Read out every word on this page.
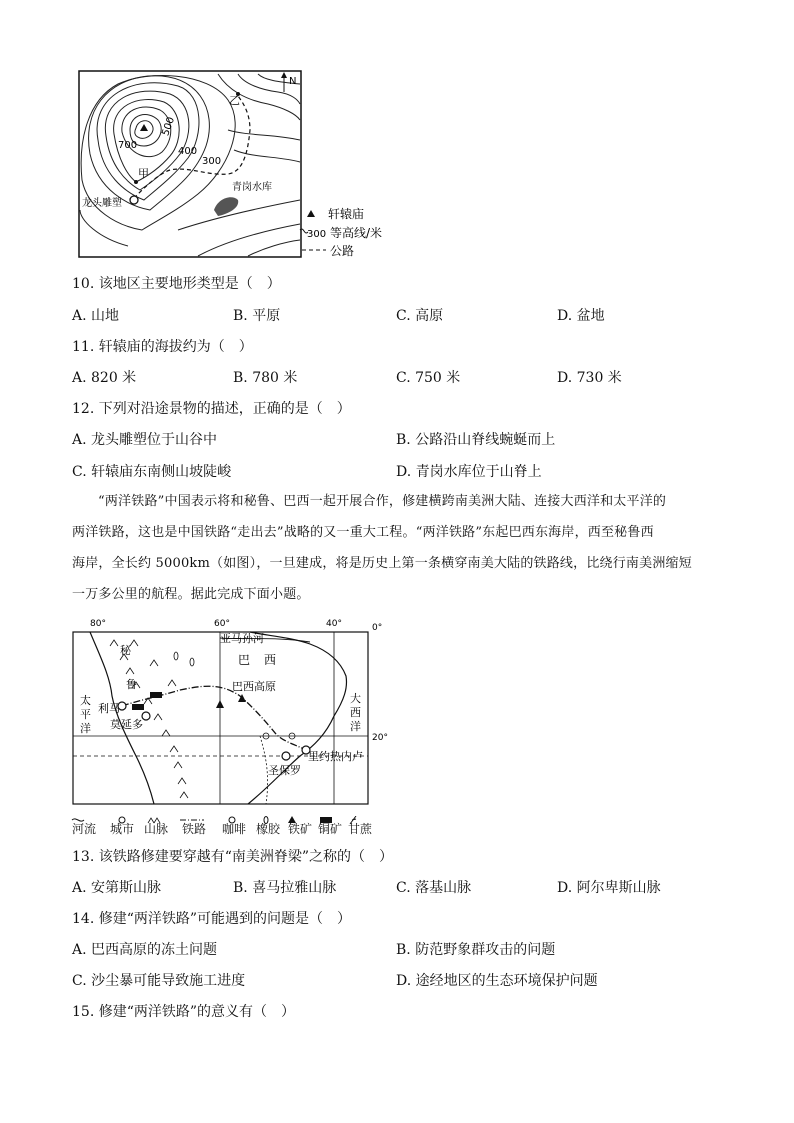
N
乙
甲
700
500
400
300
龙头雕塑
青岗水库
轩辕庙
300 等高线/米
公路
10. 该地区主要地形类型是（　）
A. 山地	B. 平原	C. 高原	D. 盆地
11. 轩辕庙的海拔约为（　）
A. 820 米	B. 780 米	C. 750 米	D. 730 米
12. 下列对沿途景物的描述，正确的是（　）
A. 龙头雕塑位于山谷中	B. 公路沿山脊线蜿蜒而上
C. 轩辕庙东南侧山坡陡峻	D. 青岗水库位于山脊上
“两洋铁路”中国表示将和秘鲁、巴西一起开展合作，修建横跨南美洲大陆、连接大西洋和太平洋的
两洋铁路，这也是中国铁路“走出去”战略的又一重大工程。“两洋铁路”东起巴西东海岸，西至秘鲁西
海岸，全长约 5000km（如图），一旦建成，将是历史上第一条横穿南美大陆的铁路线，比绕行南美洲缩短
一万多公里的航程。据此完成下面小题。
80°	60°	40°	0°
20°
亚马孙河
巴 西
巴西高原
秘
鲁
利马
莫延多
太
平
洋
大
西
洋
圣保罗
里约热内卢
河流 城市 山脉 铁路 咖啡 橡胶 铁矿 铜矿 甘蔗
13. 该铁路修建要穿越有“南美洲脊梁”之称的（　）
A. 安第斯山脉	B. 喜马拉雅山脉	C. 落基山脉	D. 阿尔卑斯山脉
14. 修建“两洋铁路”可能遇到的问题是（　）
A. 巴西高原的冻土问题	B. 防范野象群攻击的问题
C. 沙尘暴可能导致施工进度	D. 途经地区的生态环境保护问题
15. 修建“两洋铁路”的意义有（　）
